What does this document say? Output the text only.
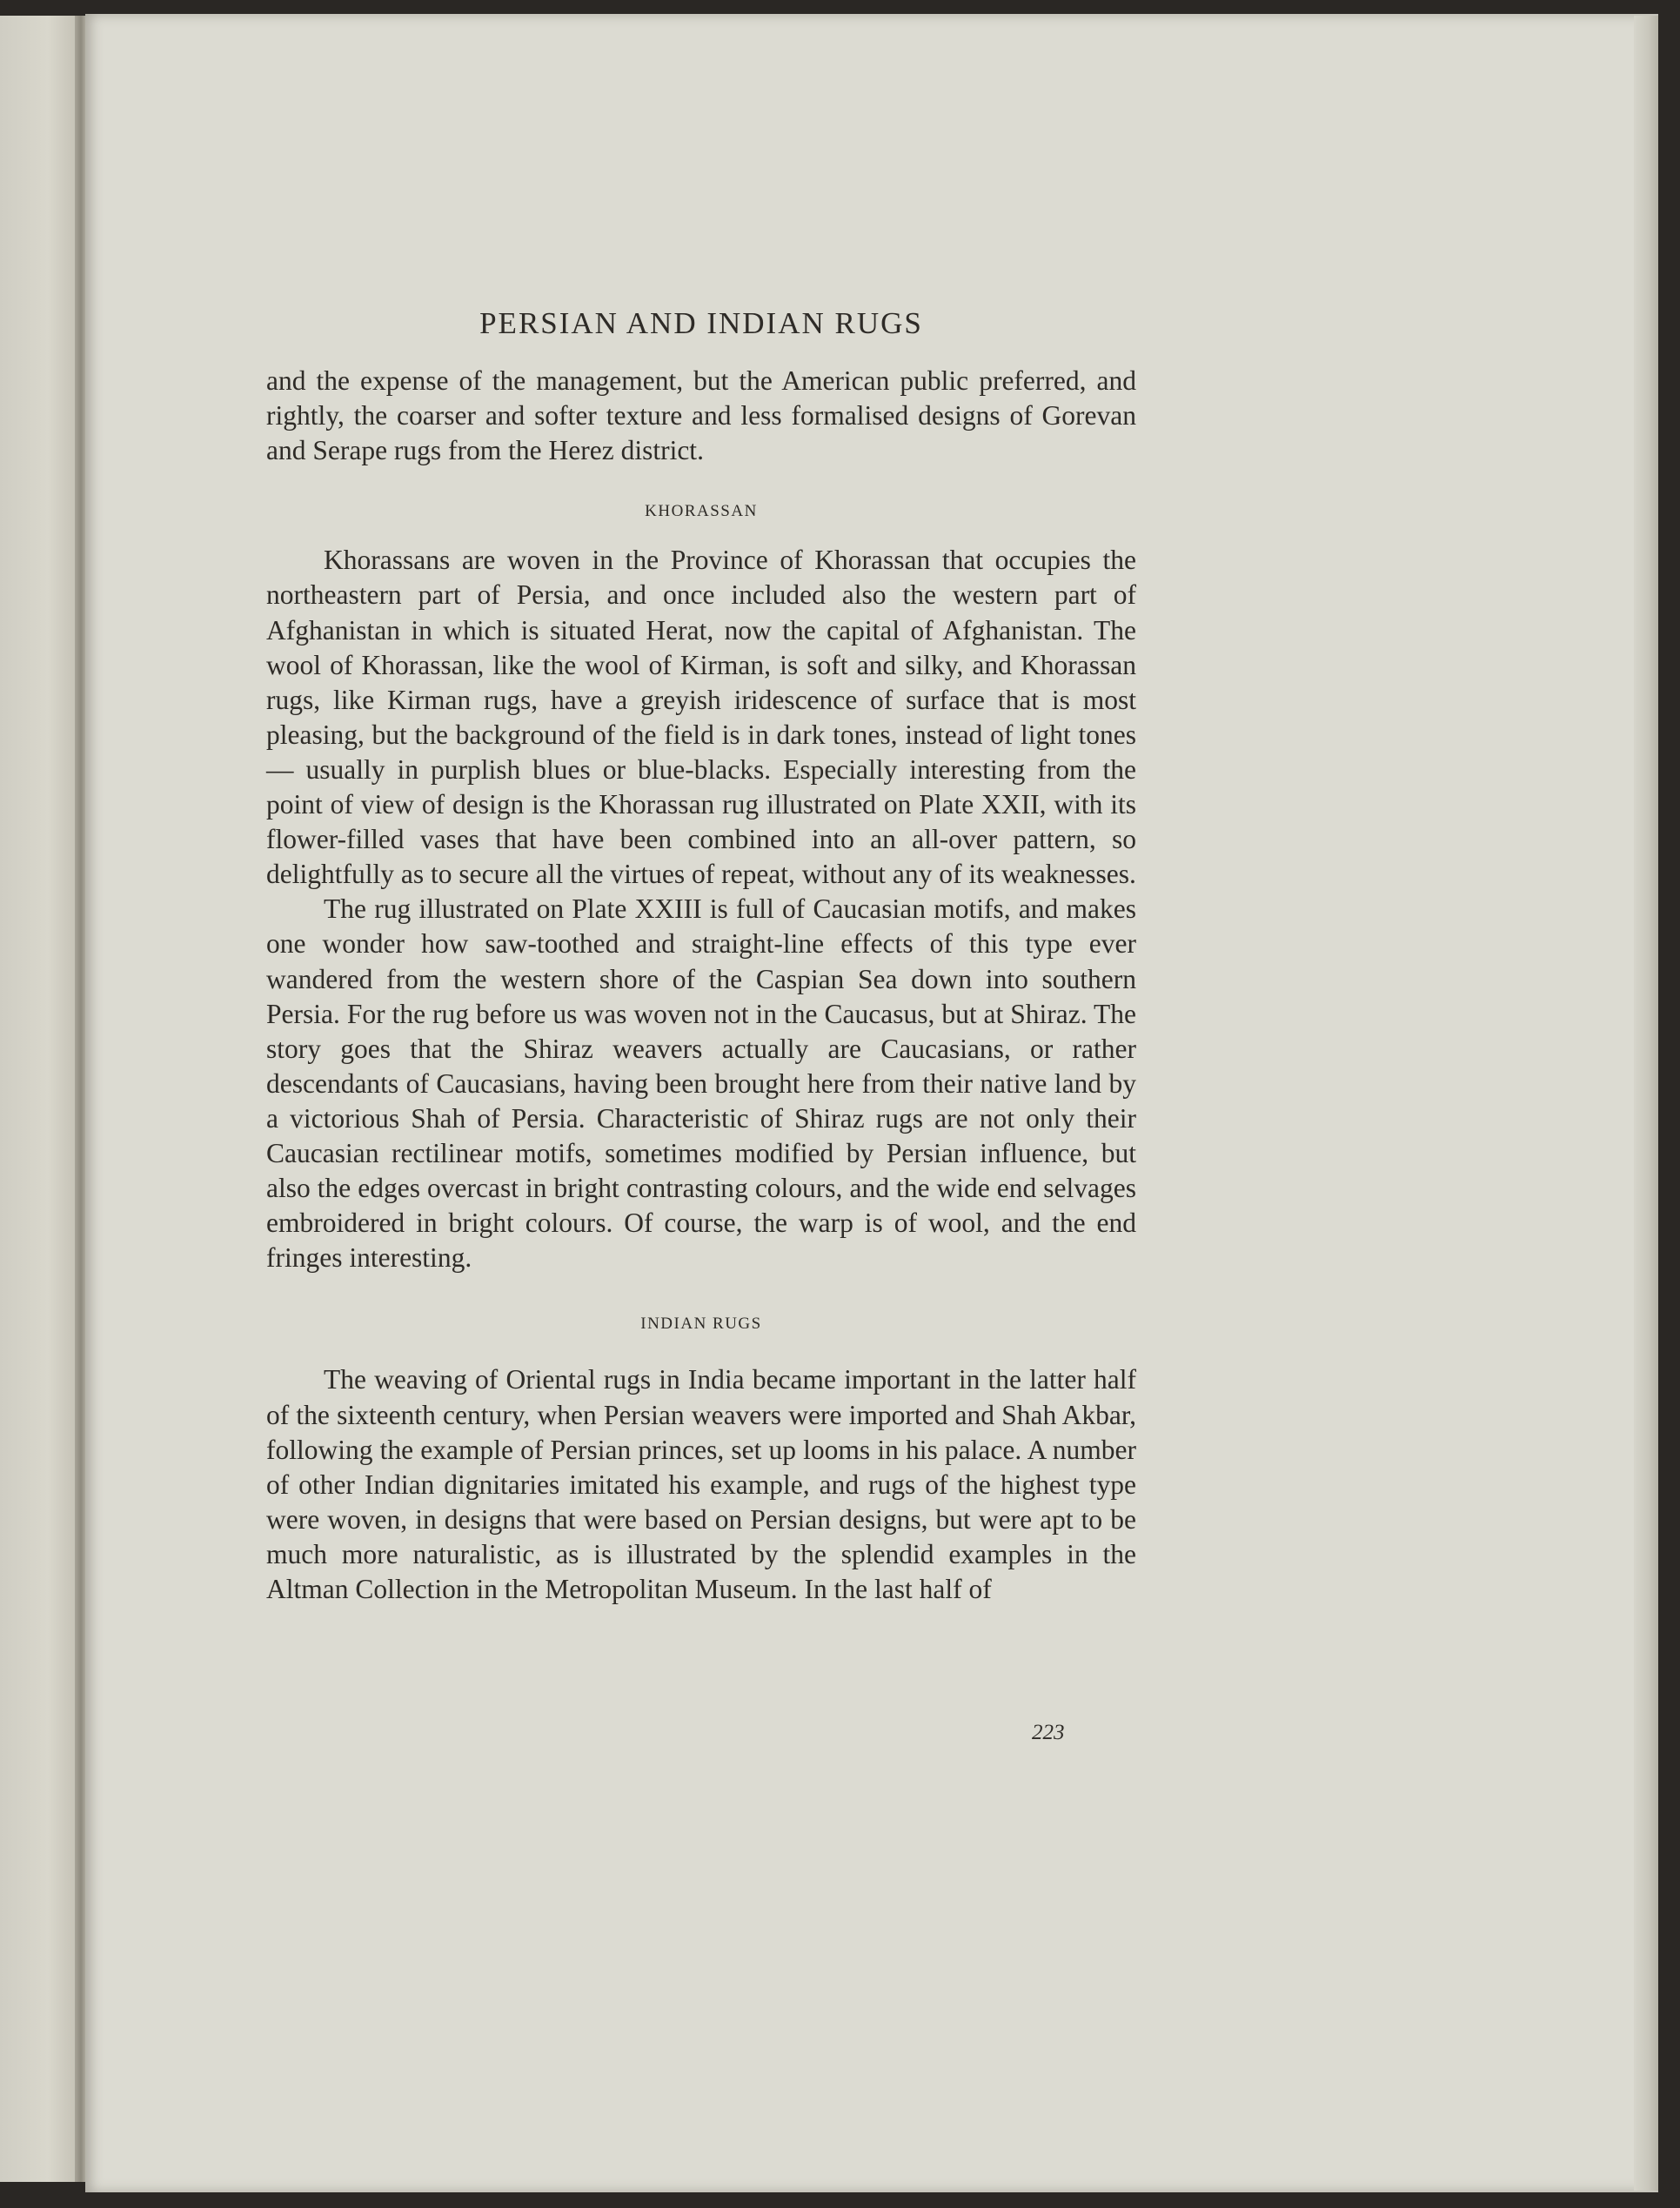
PERSIAN AND INDIAN RUGS

and the expense of the management, but the American public preferred, and rightly, the coarser and softer texture and less formalised designs of Gorevan and Serape rugs from the Herez district.

KHORASSAN

Khorassans are woven in the Province of Khorassan that occupies the northeastern part of Persia, and once included also the western part of Afghanistan in which is situated Herat, now the capital of Afghanistan. The wool of Khorassan, like the wool of Kirman, is soft and silky, and Khorassan rugs, like Kirman rugs, have a greyish iridescence of surface that is most pleasing, but the background of the field is in dark tones, instead of light tones— usually in purplish blues or blue-blacks. Especially interesting from the point of view of design is the Khorassan rug illustrated on Plate XXII, with its flower-filled vases that have been combined into an all-over pattern, so delightfully as to secure all the virtues of repeat, without any of its weaknesses.

The rug illustrated on Plate XXIII is full of Caucasian motifs, and makes one wonder how saw-toothed and straight-line effects of this type ever wandered from the western shore of the Caspian Sea down into southern Persia. For the rug before us was woven not in the Caucasus, but at Shiraz. The story goes that the Shiraz weavers actually are Caucasians, or rather descendants of Caucasians, having been brought here from their native land by a victorious Shah of Persia. Characteristic of Shiraz rugs are not only their Caucasian rectilinear motifs, sometimes modified by Persian influence, but also the edges overcast in bright contrasting colours, and the wide end selvages embroidered in bright colours. Of course, the warp is of wool, and the end fringes interesting.

INDIAN RUGS

The weaving of Oriental rugs in India became important in the latter half of the sixteenth century, when Persian weavers were imported and Shah Akbar, following the example of Persian princes, set up looms in his palace. A number of other Indian dignitaries imitated his example, and rugs of the highest type were woven, in designs that were based on Persian designs, but were apt to be much more naturalistic, as is illustrated by the splendid examples in the Altman Collection in the Metropolitan Museum. In the last half of

223
